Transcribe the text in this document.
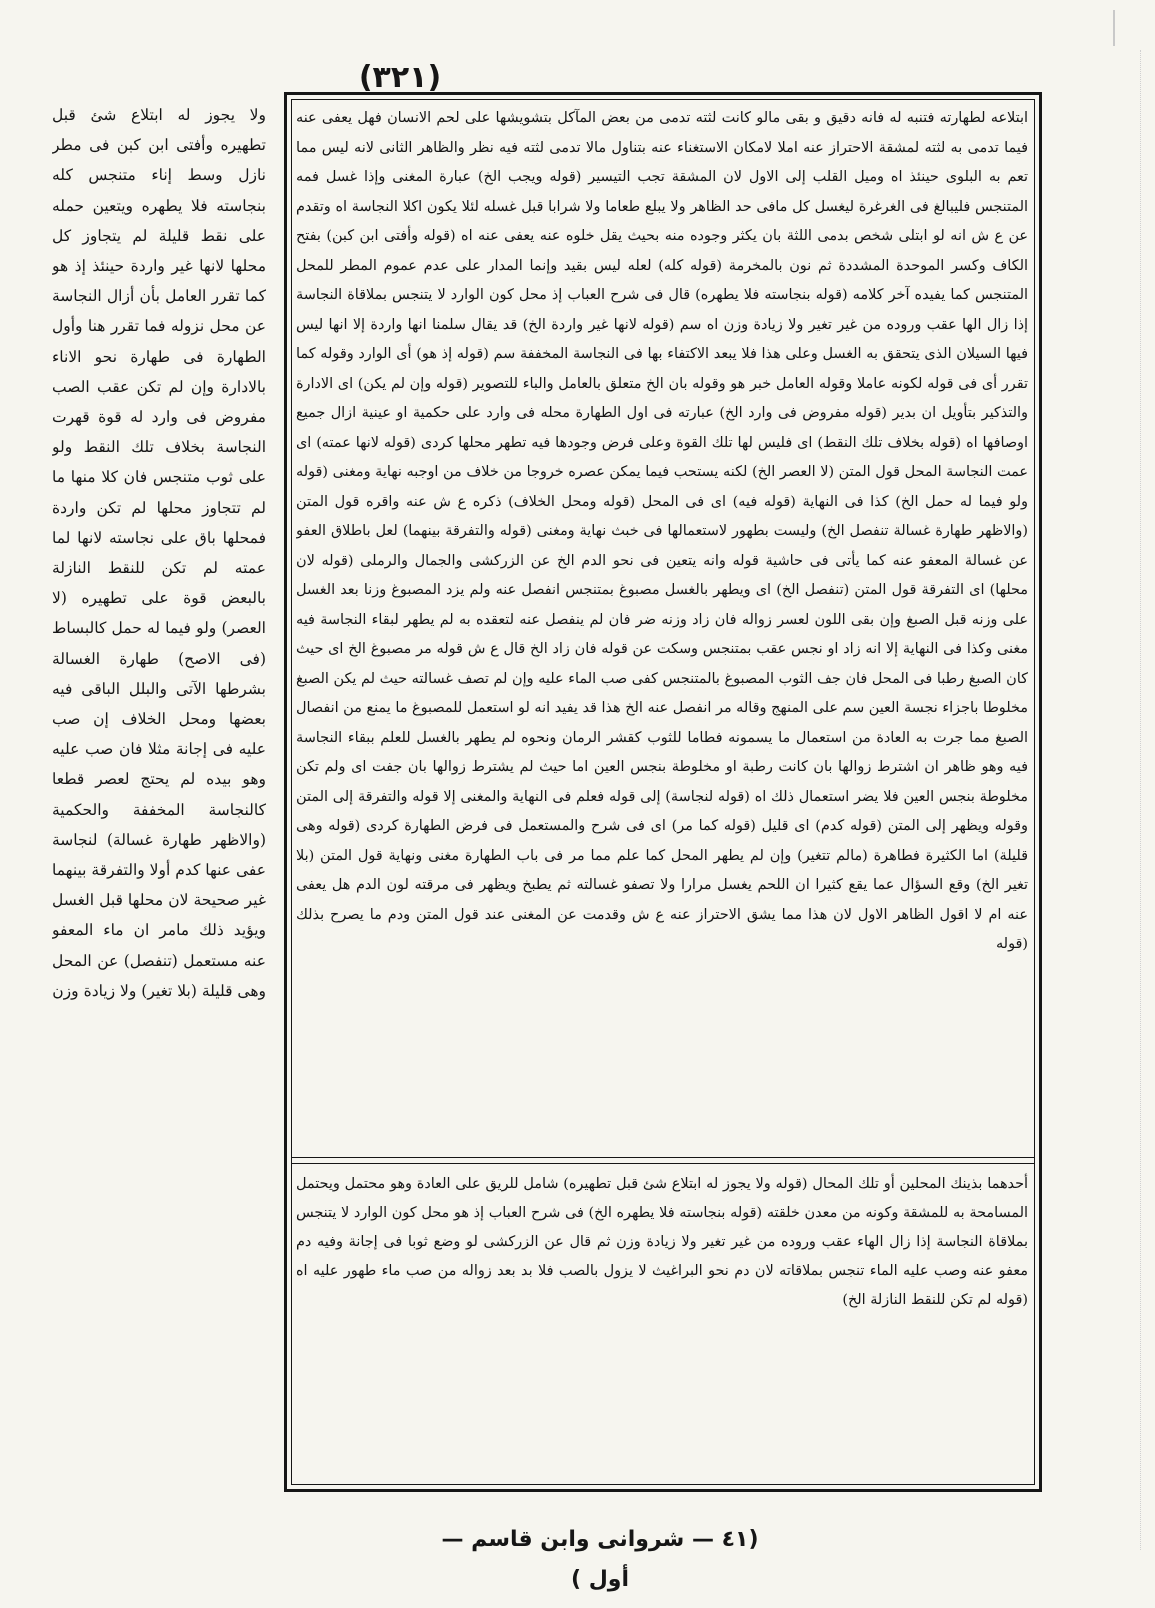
(٣٢١)
ابتلاعه لطهارته فتنبه له فانه دقيق و بقى مالو كانت لثته تدمى من بعض المآكل بتشويشها على لحم الانسان فهل يعفى عنه فيما تدمى به لثته لمشقة الاحتراز عنه املا لامكان الاستغناء عنه بتناول مالا تدمى لثته فيه نظر والظاهر الثانى لانه ليس مما تعم به البلوى حينئذ اه وميل القلب إلى الاول لان المشقة تجب التيسير (قوله ويجب الخ) عبارة المغنى وإذا غسل فمه المتنجس فليبالغ فى الغرغرة ليغسل كل مافى حد الظاهر ولا يبلع طعاما ولا شرابا قبل غسله لئلا يكون اكلا النجاسة اه وتقدم عن ع ش انه لو ابتلى شخص بدمى اللثة بان يكثر وجوده منه بحيث يقل خلوه عنه يعفى عنه اه (قوله وأفتى ابن كبن) بفتح الكاف وكسر الموحدة المشددة ثم نون بالمخرمة (قوله كله) لعله ليس بقيد وإنما المدار على عدم عموم المطر للمحل المتنجس كما يفيده آخر كلامه (قوله بنجاسته فلا يطهره) قال فى شرح العباب إذ محل كون الوارد لا يتنجس بملاقاة النجاسة إذا زال الها عقب وروده من غير تغير ولا زيادة وزن اه سم (قوله لانها غير واردة الخ) قد يقال سلمنا انها واردة إلا انها ليس فيها السيلان الذى يتحقق به الغسل وعلى هذا فلا يبعد الاكتفاء بها فى النجاسة المخففة سم (قوله إذ هو) أى الوارد وقوله كما تقرر أى فى قوله لكونه عاملا وقوله العامل خبر هو وقوله بان الخ متعلق بالعامل والباء للتصوير (قوله وإن لم يكن) اى الادارة والتذكير بتأويل ان بدير (قوله مفروض فى وارد الخ) عبارته فى اول الطهارة محله فى وارد على حكمية او عينية ازال جميع اوصافها اه (قوله بخلاف تلك النقط) اى فليس لها تلك القوة وعلى فرض وجودها فيه تطهر محلها كردى (قوله لانها عمته) اى عمت النجاسة المحل قول المتن (لا العصر الخ) لكنه يستحب فيما يمكن عصره خروجا من خلاف من اوجبه نهاية ومغنى (قوله ولو فيما له حمل الخ) كذا فى النهاية (قوله فيه) اى فى المحل (قوله ومحل الخلاف) ذكره ع ش عنه واقره قول المتن (والاظهر طهارة غسالة تنفصل الخ) وليست بطهور لاستعمالها فى خبث نهاية ومغنى (قوله والتفرقة بينهما) لعل باطلاق العفو عن غسالة المعفو عنه كما يأتى فى حاشية قوله وانه يتعين فى نحو الدم الخ عن الزركشى والجمال والرملى (قوله لان محلها) اى التفرقة قول المتن (تنفصل الخ) اى ويطهر بالغسل مصبوغ بمتنجس انفصل عنه ولم يزد المصبوغ وزنا بعد الغسل على وزنه قبل الصبغ وإن بقى اللون لعسر زواله فان زاد وزنه ضر فان لم ينفصل عنه لتعقده به لم يطهر لبقاء النجاسة فيه مغنى وكذا فى النهاية إلا انه زاد او نجس عقب بمتنجس وسكت عن قوله فان زاد الخ قال ع ش قوله مر مصبوغ الخ اى حيث كان الصبغ رطبا فى المحل فان جف الثوب المصبوغ بالمتنجس كفى صب الماء عليه وإن لم تصف غسالته حيث لم يكن الصبغ مخلوطا باجزاء نجسة العين سم على المنهج وقاله مر انفصل عنه الخ هذا قد يفيد انه لو استعمل للمصبوغ ما يمنع من انفصال الصبغ مما جرت به العادة من استعمال ما يسمونه فطاما للثوب كقشر الرمان ونحوه لم يطهر بالغسل للعلم ببقاء النجاسة فيه وهو ظاهر ان اشترط زوالها بان كانت رطبة او مخلوطة بنجس العين اما حيث لم يشترط زوالها بان جفت اى ولم تكن مخلوطة بنجس العين فلا يضر استعمال ذلك اه (قوله لنجاسة) إلى قوله فعلم فى النهاية والمغنى إلا قوله والتفرقة إلى المتن وقوله ويظهر إلى المتن (قوله كدم) اى قليل (قوله كما مر) اى فى شرح والمستعمل فى فرض الطهارة كردى (قوله وهى قليلة) اما الكثيرة فطاهرة (مالم تتغير) وإن لم يطهر المحل كما علم مما مر فى باب الطهارة مغنى ونهاية قول المتن (بلا تغير الخ) وقع السؤال عما يقع كثيرا ان اللحم يغسل مرارا ولا تصفو غسالته ثم يطبخ ويظهر فى مرقته لون الدم هل يعفى عنه ام لا اقول الظاهر الاول لان هذا مما يشق الاحتراز عنه ع ش وقدمت عن المغنى عند قول المتن ودم ما يصرح بذلك (قوله
أحدهما بذينك المحلين أو تلك المحال (قوله ولا يجوز له ابتلاع شئ قبل تطهيره) شامل للريق على العادة وهو محتمل ويحتمل المسامحة به للمشقة وكونه من معدن خلقته (قوله بنجاسته فلا يطهره الخ) فى شرح العباب إذ هو محل كون الوارد لا يتنجس بملاقاة النجاسة إذا زال الهاء عقب وروده من غير تغير ولا زيادة وزن ثم قال عن الزركشى لو وضع ثوبا فى إجانة وفيه دم معفو عنه وصب عليه الماء تنجس بملاقاته لان دم نحو البراغيث لا يزول بالصب فلا بد بعد زواله من صب ماء طهور عليه اه (قوله لم تكن للنقط النازلة الخ)
ولا يجوز له ابتلاع شئ قبل تطهيره وأفتى ابن كبن فى مطر نازل وسط إناء متنجس كله بنجاسته فلا يطهره ويتعين حمله على نقط قليلة لم يتجاوز كل محلها لانها غير واردة حينئذ إذ هو كما تقرر العامل بأن أزال النجاسة عن محل نزوله فما تقرر هنا وأول الطهارة فى طهارة نحو الاناء بالادارة وإن لم تكن عقب الصب مفروض فى وارد له قوة قهرت النجاسة بخلاف تلك النقط ولو على ثوب متنجس فان كلا منها ما لم تتجاوز محلها لم تكن واردة فمحلها باق على نجاسته لانها لما عمته لم تكن للنقط النازلة بالبعض قوة على تطهيره (لا العصر) ولو فيما له حمل كالبساط (فى الاصح) طهارة الغسالة بشرطها الآتى والبلل الباقى فيه بعضها ومحل الخلاف إن صب عليه فى إجانة مثلا فان صب عليه وهو بيده لم يحتج لعصر قطعا كالنجاسة المخففة والحكمية (والاظهر طهارة غسالة) لنجاسة عفى عنها كدم أولا والتفرقة بينهما غير صحيحة لان محلها قبل الغسل ويؤيد ذلك مامر ان ماء المعفو عنه مستعمل (تنفصل) عن المحل وهى قليلة (بلا تغير) ولا زيادة وزن
(٤١ — شروانى وابن قاسم — أول )
